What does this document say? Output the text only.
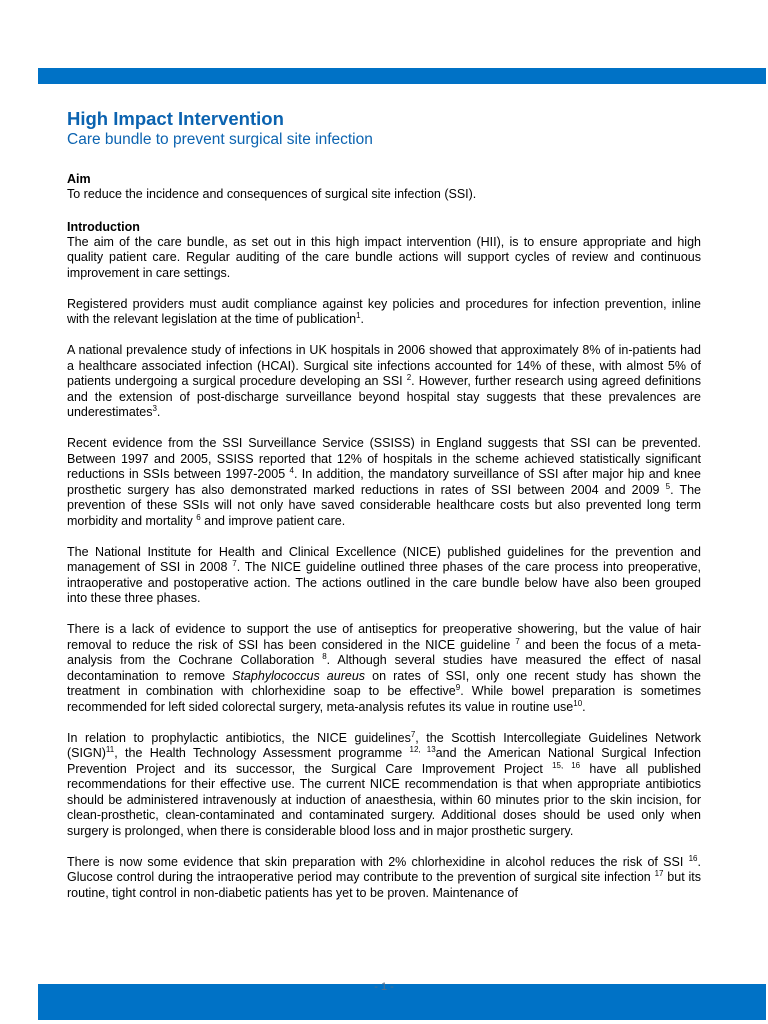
High Impact Intervention
Care bundle to prevent surgical site infection
Aim

To reduce the incidence and consequences of surgical site infection (SSI).

Introduction

The aim of the care bundle, as set out in this high impact intervention (HII), is to ensure appropriate and high quality patient care. Regular auditing of the care bundle actions will support cycles of review and continuous improvement in care settings.

Registered providers must audit compliance against key policies and procedures for infection prevention, inline with the relevant legislation at the time of publication$^1$.

A national prevalence study of infections in UK hospitals in 2006 showed that approximately 8% of in-patients had a healthcare associated infection (HCAI). Surgical site infections accounted for 14% of these, with almost 5% of patients undergoing a surgical procedure developing an SSI $^2$. However, further research using agreed definitions and the extension of post-discharge surveillance beyond hospital stay suggests that these prevalences are underestimates$^3$.

Recent evidence from the SSI Surveillance Service (SSISS) in England suggests that SSI can be prevented. Between 1997 and 2005, SSISS reported that 12% of hospitals in the scheme achieved statistically significant reductions in SSIs between 1997-2005 $^4$. In addition, the mandatory surveillance of SSI after major hip and knee prosthetic surgery has also demonstrated marked reductions in rates of SSI between 2004 and 2009 $^5$. The prevention of these SSIs will not only have saved considerable healthcare costs but also prevented long term morbidity and mortality $^6$ and improve patient care.

The National Institute for Health and Clinical Excellence (NICE) published guidelines for the prevention and management of SSI in 2008 $^7$. The NICE guideline outlined three phases of the care process into preoperative, intraoperative and postoperative action. The actions outlined in the care bundle below have also been grouped into these three phases.

There is a lack of evidence to support the use of antiseptics for preoperative showering, but the value of hair removal to reduce the risk of SSI has been considered in the NICE guideline $^7$ and been the focus of a meta-analysis from the Cochrane Collaboration $^8$. Although several studies have measured the effect of nasal decontamination to remove Staphylococcus aureus on rates of SSI, only one recent study has shown the treatment in combination with chlorhexidine soap to be effective$^9$. While bowel preparation is sometimes recommended for left sided colorectal surgery, meta-analysis refutes its value in routine use$^{10}$.

In relation to prophylactic antibiotics, the NICE guidelines$^7$, the Scottish Intercollegiate Guidelines Network (SIGN)$^{11}$, the Health Technology Assessment programme $^{12, 13}$and the American National Surgical Infection Prevention Project and its successor, the Surgical Care Improvement Project $^{15, 16}$ have all published recommendations for their effective use. The current NICE recommendation is that when appropriate antibiotics should be administered intravenously at induction of anaesthesia, within 60 minutes prior to the skin incision, for clean-prosthetic, clean-contaminated and contaminated surgery. Additional doses should be used only when surgery is prolonged, when there is considerable blood loss and in major prosthetic surgery.

There is now some evidence that skin preparation with 2% chlorhexidine in alcohol reduces the risk of SSI $^{16}$. Glucose control during the intraoperative period may contribute to the prevention of surgical site infection $^{17}$ but its routine, tight control in non-diabetic patients has yet to be proven. Maintenance of

- 1 -
